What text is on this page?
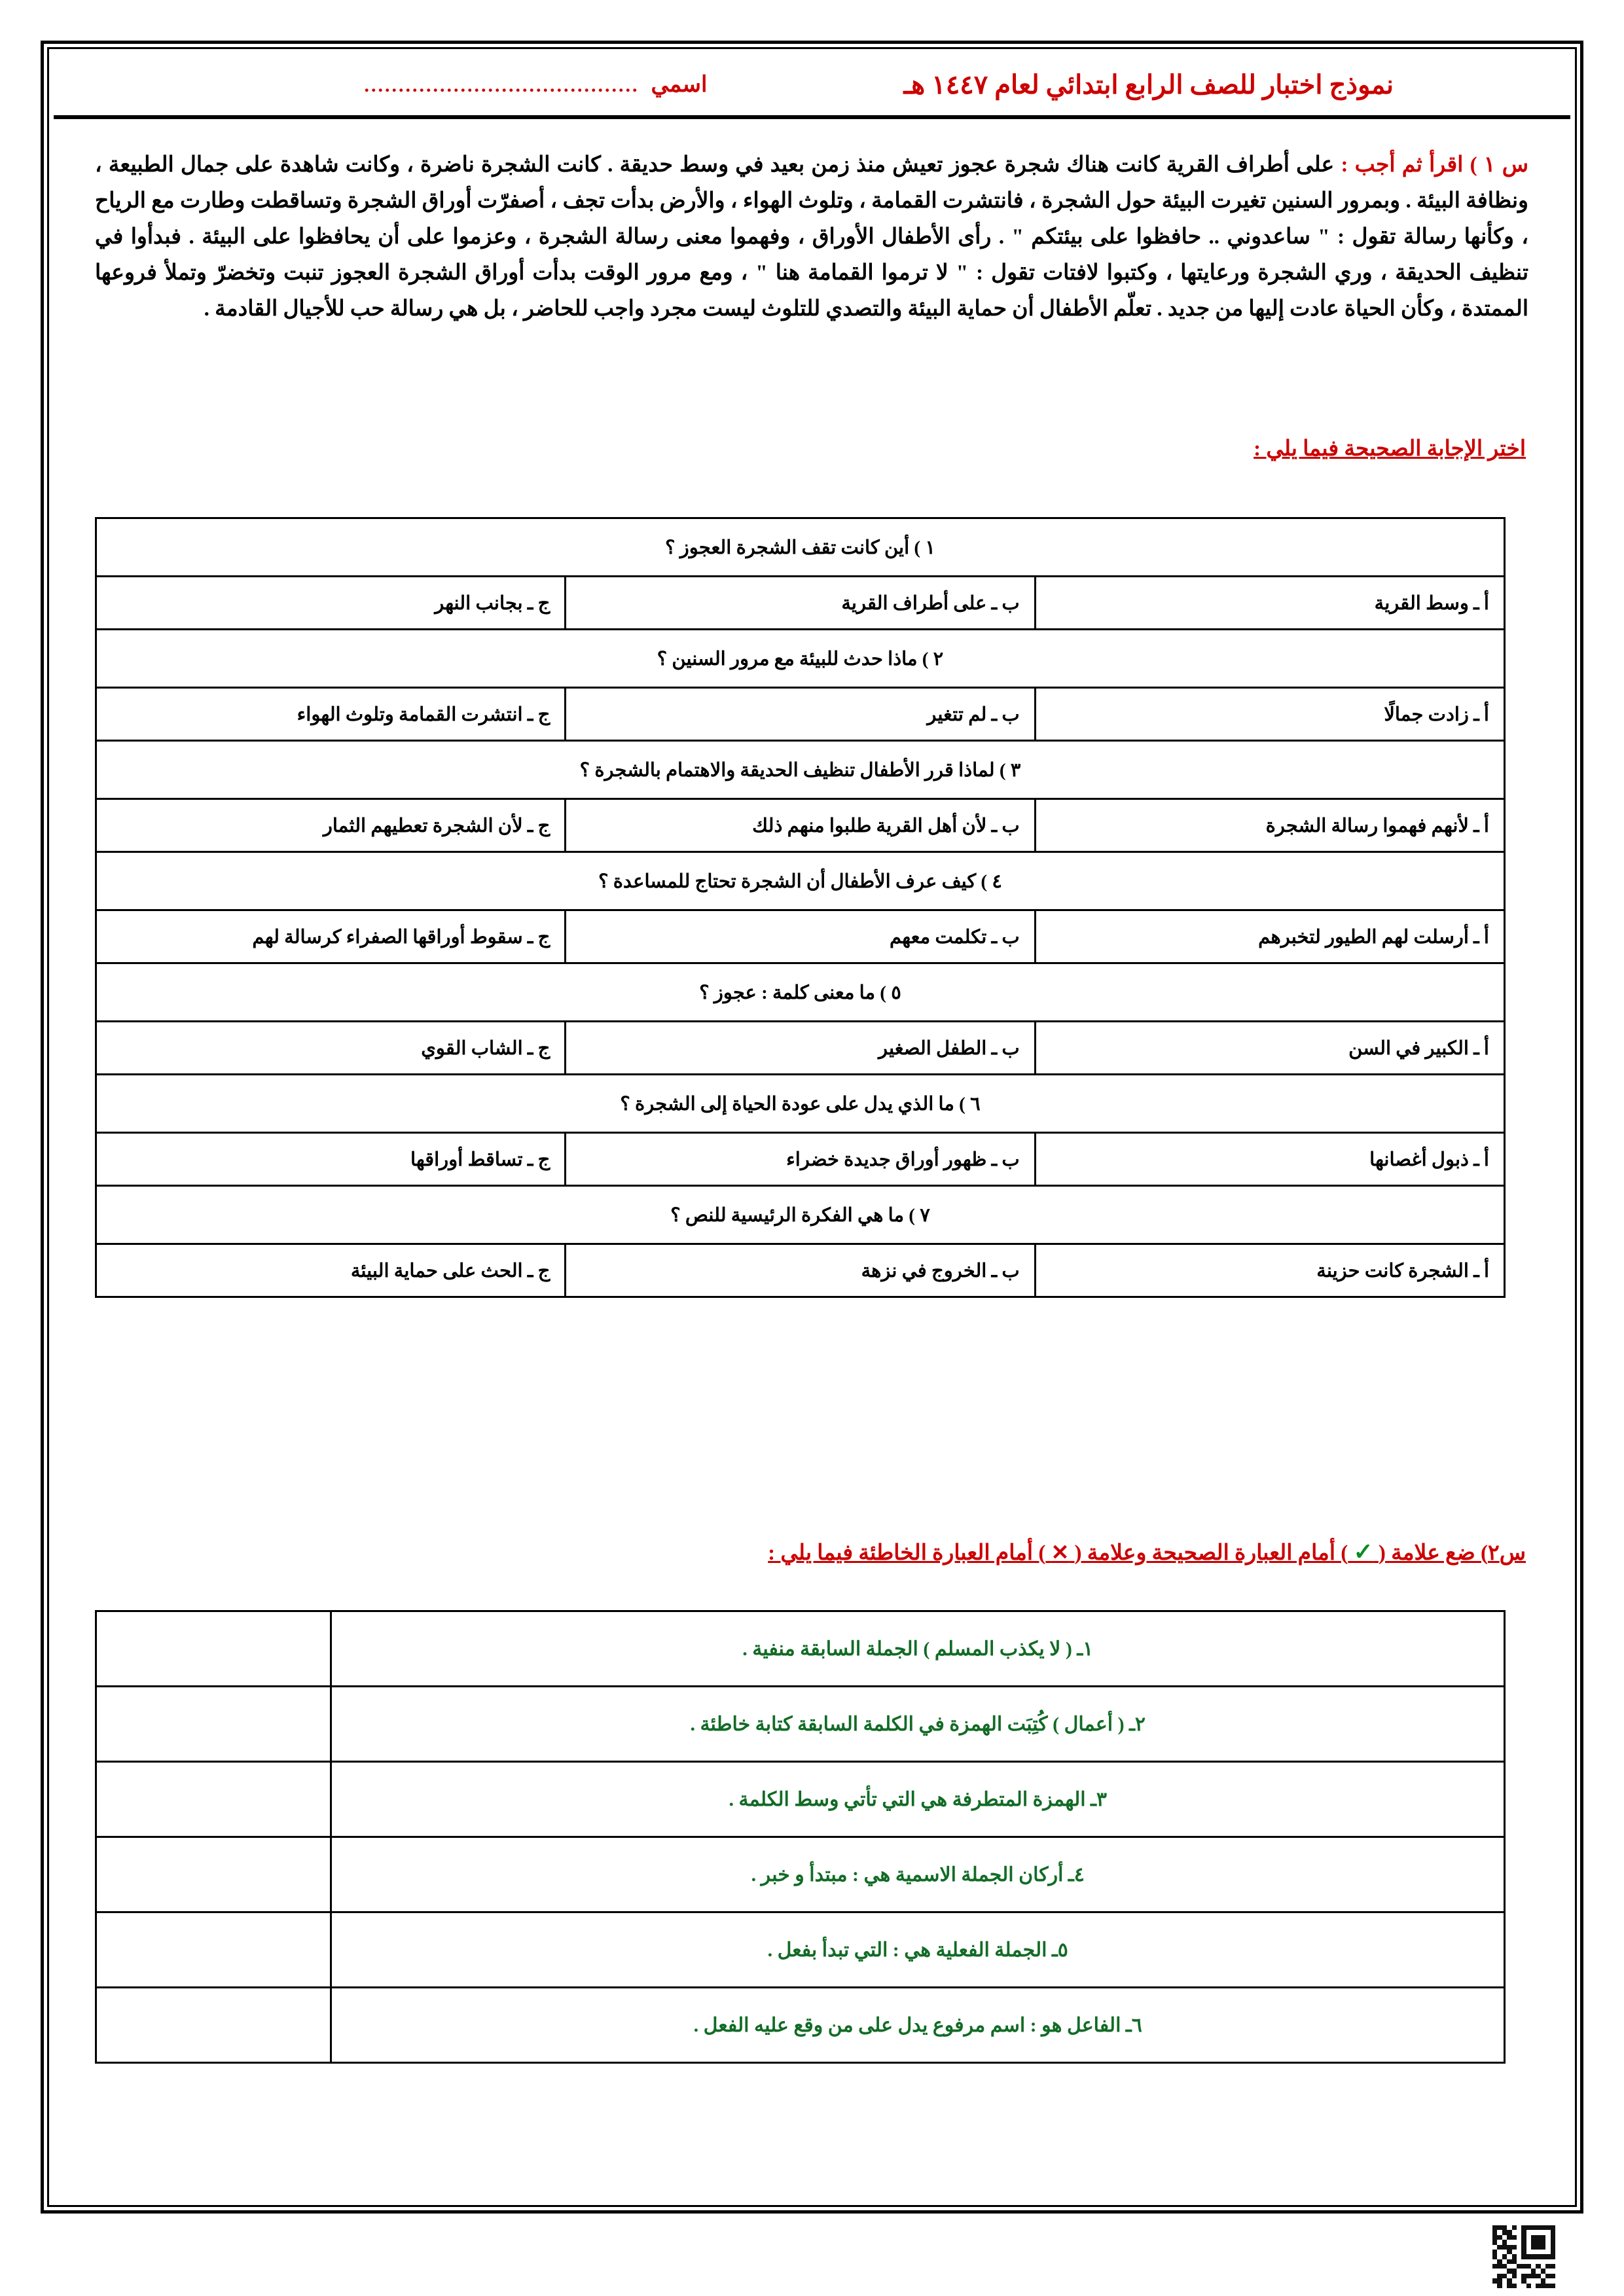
نموذج اختبار للصف الرابع ابتدائي لعام ١٤٤٧ هـ
اسمي
........................................
س ١ ) اقرأ ثم أجب : على أطراف القرية كانت هناك شجرة عجوز تعيش منذ زمن بعيد في وسط حديقة . كانت الشجرة ناضرة ، وكانت شاهدة على جمال الطبيعة ، ونظافة البيئة . وبمرور السنين تغيرت البيئة حول الشجرة ، فانتشرت القمامة ، وتلوث الهواء ، والأرض بدأت تجف ، أصفرّت أوراق الشجرة وتساقطت وطارت مع الرياح ، وكأنها رسالة تقول : " ساعدوني .. حافظوا على بيئتكم " . رأى الأطفال الأوراق ، وفهموا معنى رسالة الشجرة ، وعزموا على أن يحافظوا على البيئة . فبدأوا في تنظيف الحديقة ، وري الشجرة ورعايتها ، وكتبوا لافتات تقول : " لا ترموا القمامة هنا " ، ومع مرور الوقت بدأت أوراق الشجرة العجوز تنبت وتخضرّ وتملأ فروعها الممتدة ، وكأن الحياة عادت إليها من جديد . تعلّم الأطفال أن حماية البيئة والتصدي للتلوث ليست مجرد واجب للحاضر ، بل هي رسالة حب للأجيال القادمة .
اختر الإجابة الصحيحة فيما يلي :
١ ) أين كانت تقف الشجرة العجوز ؟		
أ ـ وسط القرية	ب ـ على أطراف القرية	ج ـ بجانب النهر
٢ ) ماذا حدث للبيئة مع مرور السنين ؟		
أ ـ زادت جمالًا	ب ـ لم تتغير	ج ـ انتشرت القمامة وتلوث الهواء
٣ ) لماذا قرر الأطفال تنظيف الحديقة والاهتمام بالشجرة ؟		
أ ـ لأنهم فهموا رسالة الشجرة	ب ـ لأن أهل القرية طلبوا منهم ذلك	ج ـ لأن الشجرة تعطيهم الثمار
٤ ) كيف عرف الأطفال أن الشجرة تحتاج للمساعدة ؟		
أ ـ أرسلت لهم الطيور لتخبرهم	ب ـ تكلمت معهم	ج ـ سقوط أوراقها الصفراء كرسالة لهم
٥ ) ما معنى كلمة : عجوز ؟		
أ ـ الكبير في السن	ب ـ الطفل الصغير	ج ـ الشاب القوي
٦ ) ما الذي يدل على عودة الحياة إلى الشجرة ؟		
أ ـ ذبول أغصانها	ب ـ ظهور أوراق جديدة خضراء	ج ـ تساقط أوراقها
٧ ) ما هي الفكرة الرئيسية للنص ؟		
أ ـ الشجرة كانت حزينة	ب ـ الخروج في نزهة	ج ـ الحث على حماية البيئة
س٢) ضع علامة ( ✓ ) أمام العبارة الصحيحة وعلامة ( ✕ ) أمام العبارة الخاطئة فيما يلي :
١ـ ( لا يكذب المسلم ) الجملة السابقة منفية .	
٢ـ ( أعمال ) كُتِبَت الهمزة في الكلمة السابقة كتابة خاطئة .	
٣ـ الهمزة المتطرفة هي التي تأتي وسط الكلمة .	
٤ـ أركان الجملة الاسمية هي : مبتدأ و خبر .	
٥ـ الجملة الفعلية هي : التي تبدأ بفعل .	
٦ـ الفاعل هو : اسم مرفوع يدل على من وقع عليه الفعل .	
